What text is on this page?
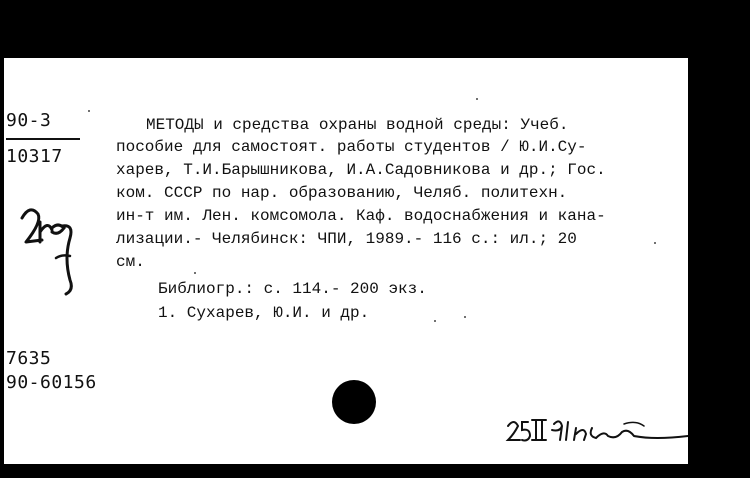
90-3
10317
МЕТОДЫ и средства охраны водной среды: Учеб.
пособие для самостоят. работы студентов / Ю.И.Су-
харев, Т.И.Барышникова, И.А.Садовникова и др.; Гос.
ком. СССР по нар. образованию, Челяб. политехн.
ин-т им. Лен. комсомола. Каф. водоснабжения и кана-
лизации.- Челябинск: ЧПИ, 1989.- 116 с.: ил.; 20
см.
Библиогр.: с. 114.- 200 экз.
1. Сухарев, Ю.И. и др.
7635
90-60156
